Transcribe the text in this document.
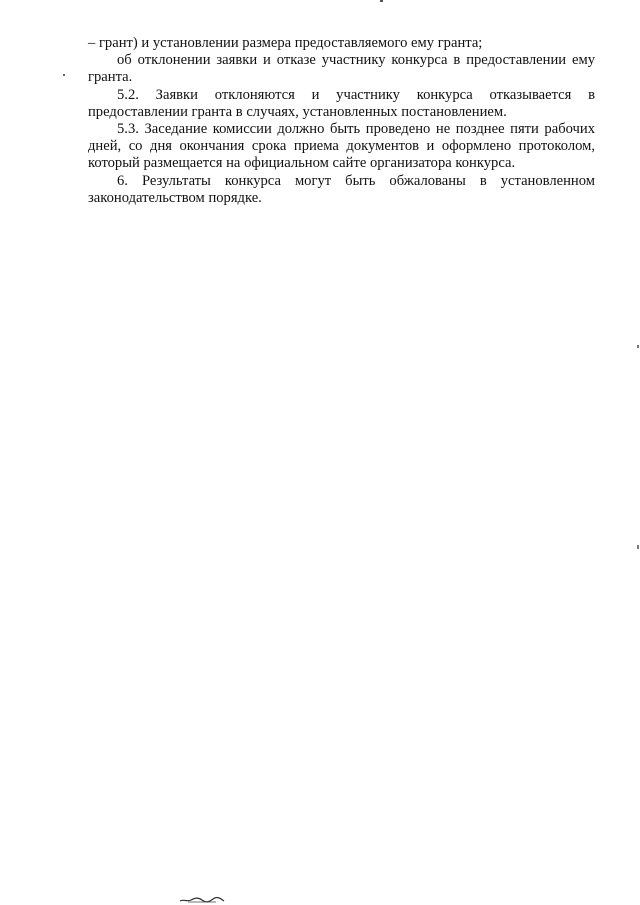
– грант) и установлении размера предоставляемого ему гранта;

об отклонении заявки и отказе участнику конкурса в предоставлении ему гранта.

5.2. Заявки отклоняются и участнику конкурса отказывается в предоставлении гранта в случаях, установленных постановлением.

5.3. Заседание комиссии должно быть проведено не позднее пяти рабочих дней, со дня окончания срока приема документов и оформлено протоколом, который размещается на официальном сайте организатора конкурса.

6. Результаты конкурса могут быть обжалованы в установленном законодательством порядке.
